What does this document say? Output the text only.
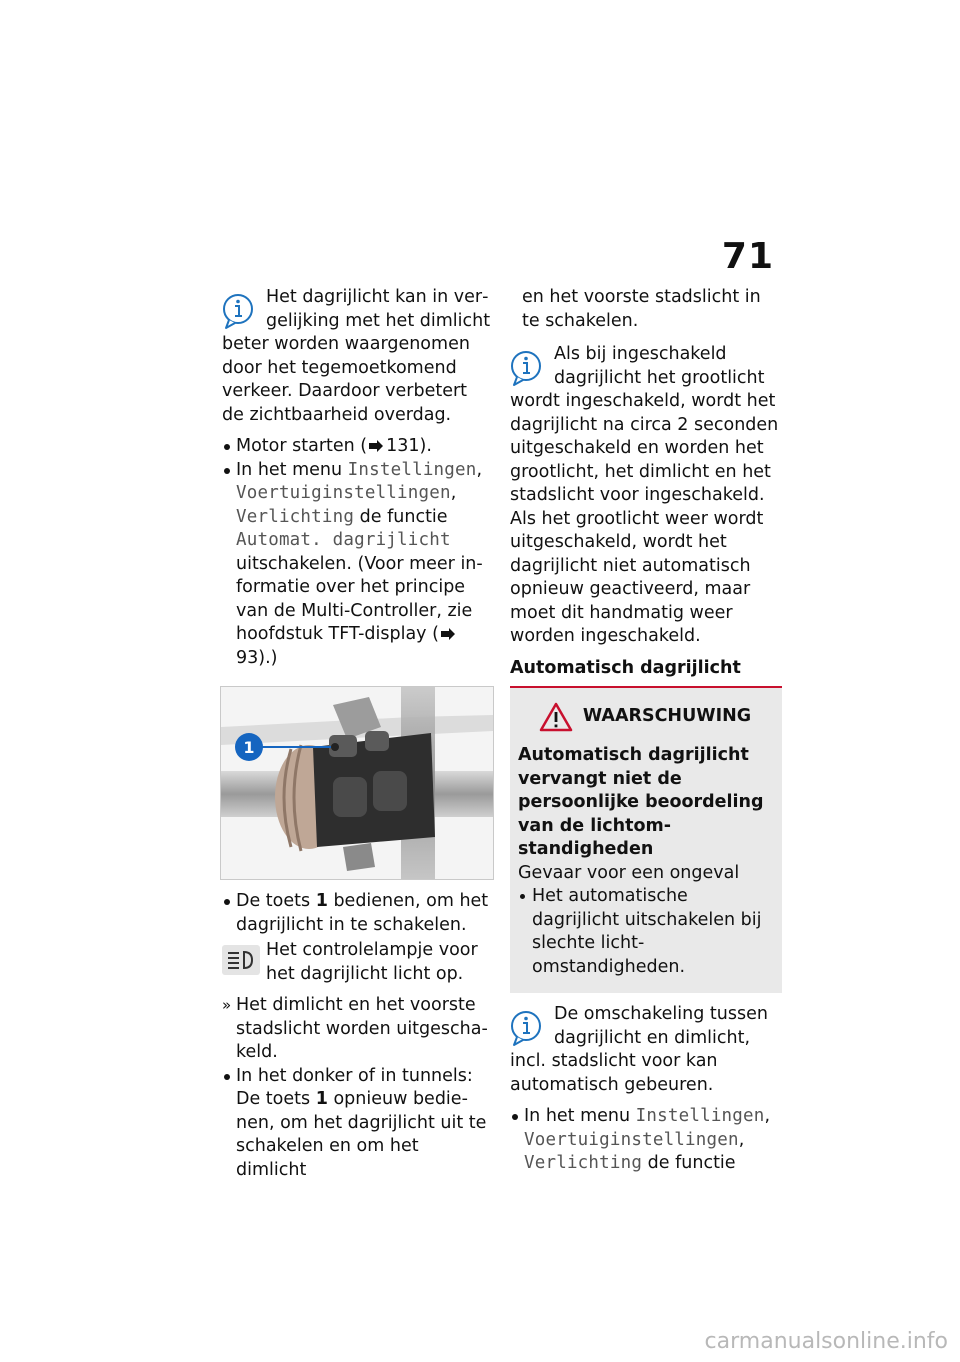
71

Het dagrijlicht kan in vergelijking met het dimlicht beter worden waargenomen door het tegemoetkomend verkeer. Daardoor verbetert de zichtbaarheid overdag.

Motor starten ( 131).
In het menu Instellingen,
Voertuiginstellingen,
Verlichting de functie
Automat. dagrijlicht
uitschakelen. (Voor meer informatie over het principe van de Multi-Controller, zie hoofdstuk TFT-display (93).)
1
De toets 1 bedienen, om het dagrijlicht in te schakelen.

Het controlelampje voor het dagrijlicht licht op.

» Het dimlicht en het voorste stadslicht worden uitgeschakeld.
In het donker of in tunnels: De toets 1 opnieuw bedienen, om het dagrijlicht uit te schakelen en om het dimlicht

en het voorste stadslicht in te schakelen.

Als bij ingeschakeld dagrijlicht het grootlicht wordt ingeschakeld, wordt het dagrijlicht na circa 2 seconden uitgeschakeld en worden het grootlicht, het dimlicht en het stadslicht voor ingeschakeld. Als het grootlicht weer wordt uitgeschakeld, wordt het dagrijlicht niet automatisch opnieuw geactiveerd, maar moet dit handmatig weer worden ingeschakeld.

Automatisch dagrijlicht
WAARSCHUWING

Automatisch dagrijlicht vervangt niet de persoonlijke beoordeling van de lichtomstandigheden

Gevaar voor een ongeval

Het automatische dagrijlicht uitschakelen bij slechte lichtomstandigheden.

De omschakeling tussen dagrijlicht en dimlicht, incl. stadslicht voor kan automatisch gebeuren.

In het menu Instellingen,
Voertuiginstellingen,
Verlichting de functie
carmanualsonline.info
